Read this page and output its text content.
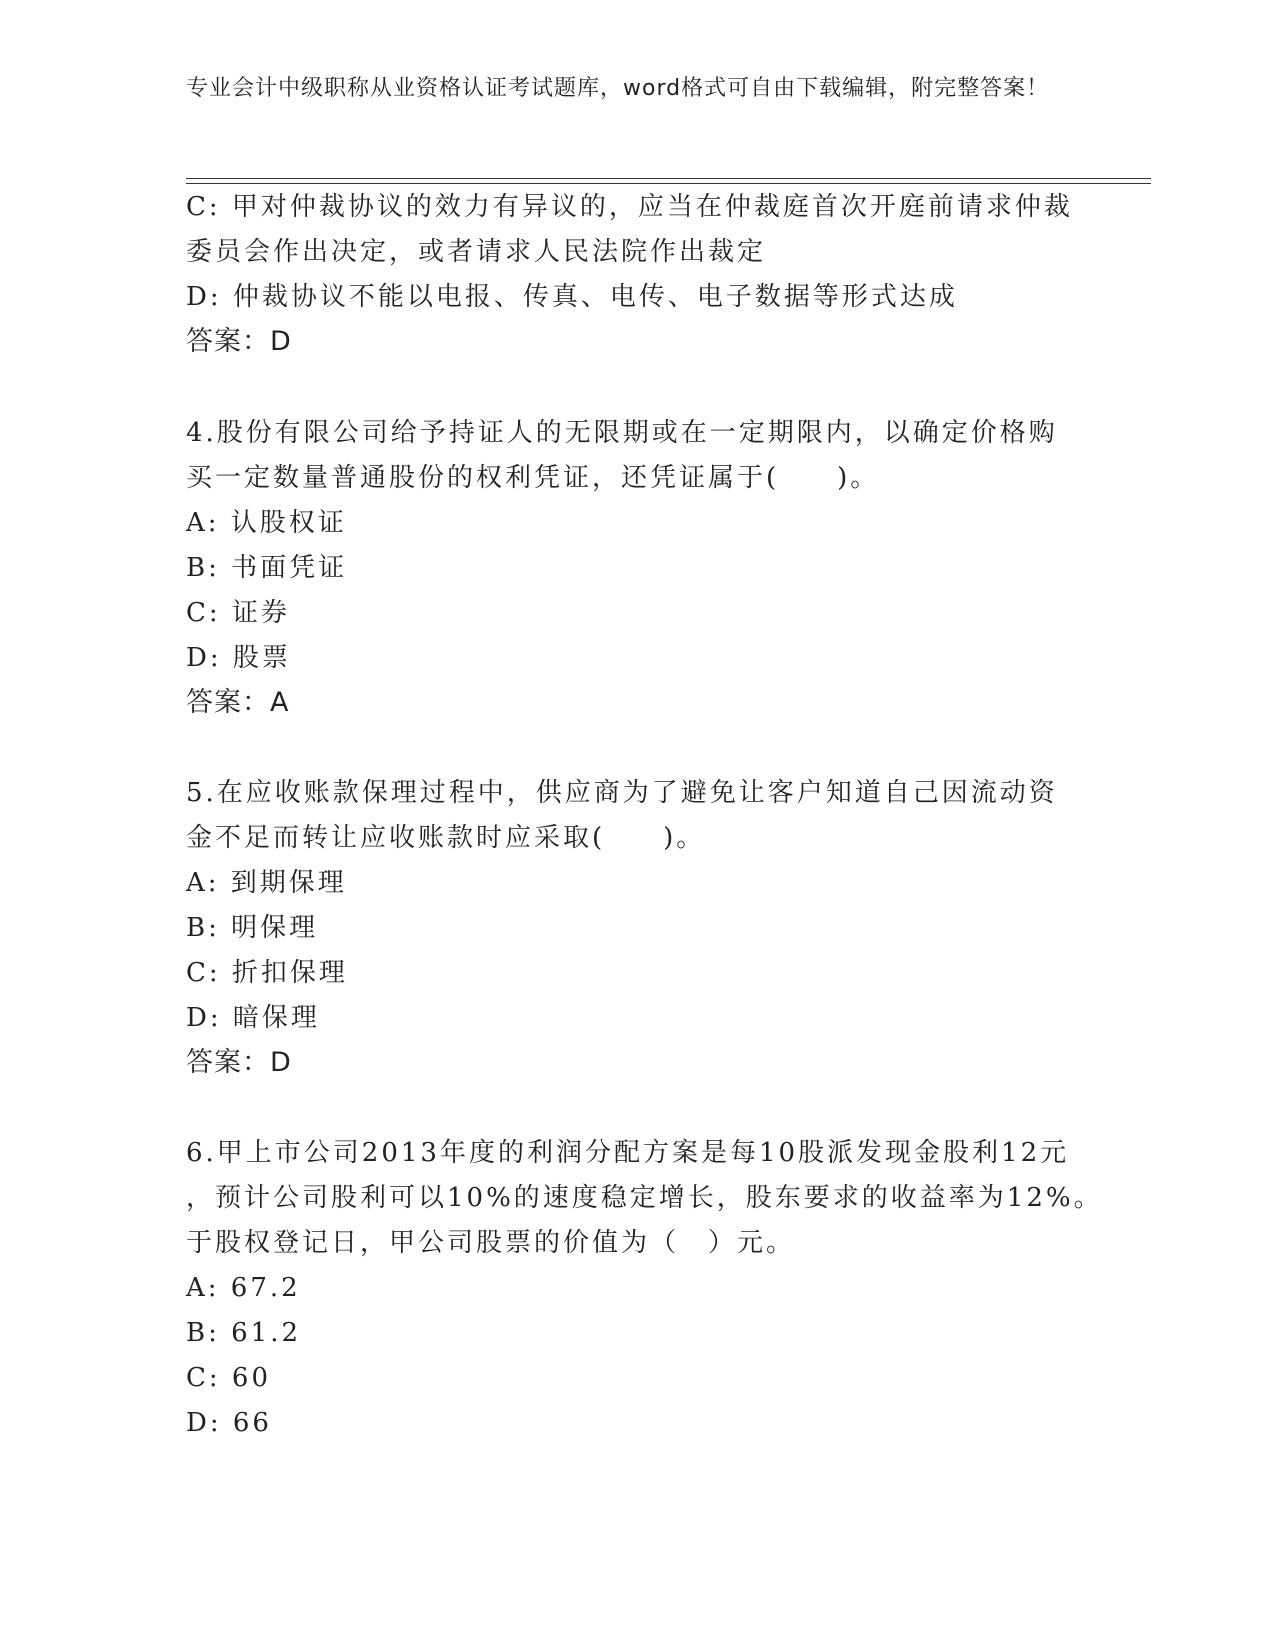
专业会计中级职称从业资格认证考试题库，word格式可自由下载编辑，附完整答案！
C: 甲对仲裁协议的效力有异议的，应当在仲裁庭首次开庭前请求仲裁
委员会作出决定，或者请求人民法院作出裁定
D: 仲裁协议不能以电报、传真、电传、电子数据等形式达成
答案：D
4.股份有限公司给予持证人的无限期或在一定期限内，以确定价格购
买一定数量普通股份的权利凭证，还凭证属于(　　)。
A: 认股权证
B: 书面凭证
C: 证券
D: 股票
答案：A
5.在应收账款保理过程中，供应商为了避免让客户知道自己因流动资
金不足而转让应收账款时应采取(　　)。
A: 到期保理
B: 明保理
C: 折扣保理
D: 暗保理
答案：D
6.甲上市公司2013年度的利润分配方案是每10股派发现金股利12元
，预计公司股利可以10%的速度稳定增长，股东要求的收益率为12%。
于股权登记日，甲公司股票的价值为（　）元。
A: 67.2
B: 61.2
C: 60
D: 66
